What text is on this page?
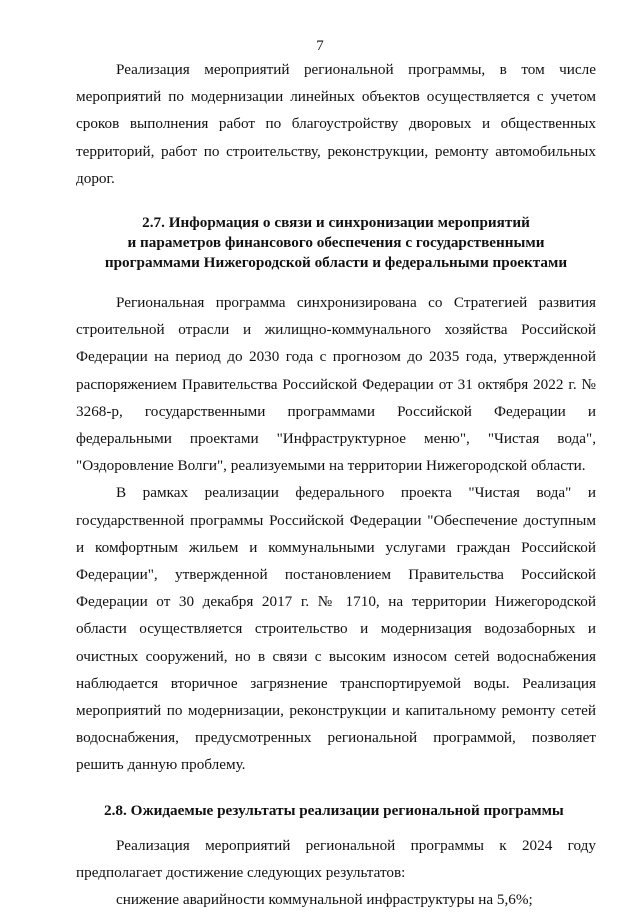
7

Реализация мероприятий региональной программы, в том числе мероприятий по модернизации линейных объектов осуществляется с учетом сроков выполнения работ по благоустройству дворовых и общественных территорий, работ по строительству, реконструкции, ремонту автомобильных дорог.

2.7. Информация о связи и синхронизации мероприятий
и параметров финансового обеспечения с государственными
программами Нижегородской области и федеральными проектами

Региональная программа синхронизирована со Стратегией развития строительной отрасли и жилищно-коммунального хозяйства Российской Федерации на период до 2030 года с прогнозом до 2035 года, утвержденной распоряжением Правительства Российской Федерации от 31 октября 2022 г. № 3268-р, государственными программами Российской Федерации и федеральными проектами "Инфраструктурное меню", "Чистая вода", "Оздоровление Волги", реализуемыми на территории Нижегородской области.

В рамках реализации федерального проекта "Чистая вода" и государственной программы Российской Федерации "Обеспечение доступным и комфортным жильем и коммунальными услугами граждан Российской Федерации", утвержденной постановлением Правительства Российской Федерации от 30 декабря 2017 г. № 1710, на территории Нижегородской области осуществляется строительство и модернизация водозаборных и очистных сооружений, но в связи с высоким износом сетей водоснабжения наблюдается вторичное загрязнение транспортируемой воды. Реализация мероприятий по модернизации, реконструкции и капитальному ремонту сетей водоснабжения, предусмотренных региональной программой, позволяет решить данную проблему.

2.8. Ожидаемые результаты реализации региональной программы

Реализация мероприятий региональной программы к 2024 году предполагает достижение следующих результатов:

снижение аварийности коммунальной инфраструктуры на 5,6%;
